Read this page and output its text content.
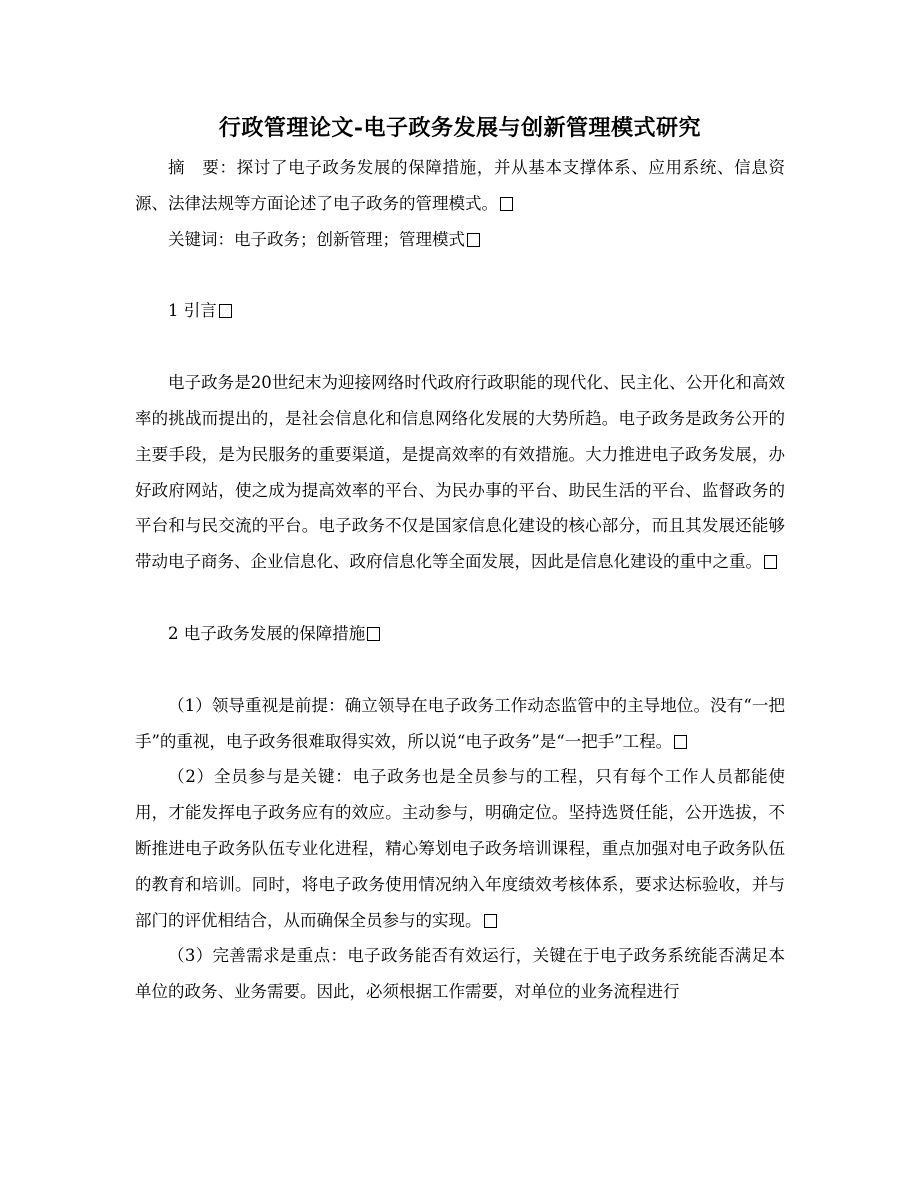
行政管理论文-电子政务发展与创新管理模式研究

摘　要：探讨了电子政务发展的保障措施，并从基本支撑体系、应用系统、信息资源、法律法规等方面论述了电子政务的管理模式。

关键词：电子政务；创新管理；管理模式

1 引言

电子政务是20世纪末为迎接网络时代政府行政职能的现代化、民主化、公开化和高效率的挑战而提出的，是社会信息化和信息网络化发展的大势所趋。电子政务是政务公开的主要手段，是为民服务的重要渠道，是提高效率的有效措施。大力推进电子政务发展，办好政府网站，使之成为提高效率的平台、为民办事的平台、助民生活的平台、监督政务的平台和与民交流的平台。电子政务不仅是国家信息化建设的核心部分，而且其发展还能够带动电子商务、企业信息化、政府信息化等全面发展，因此是信息化建设的重中之重。

2 电子政务发展的保障措施

（1）领导重视是前提：确立领导在电子政务工作动态监管中的主导地位。没有“一把手”的重视，电子政务很难取得实效，所以说“电子政务”是“一把手”工程。

（2）全员参与是关键：电子政务也是全员参与的工程，只有每个工作人员都能使用，才能发挥电子政务应有的效应。主动参与，明确定位。坚持选贤任能，公开选拔，不断推进电子政务队伍专业化进程，精心筹划电子政务培训课程，重点加强对电子政务队伍的教育和培训。同时，将电子政务使用情况纳入年度绩效考核体系，要求达标验收，并与部门的评优相结合，从而确保全员参与的实现。

（3）完善需求是重点：电子政务能否有效运行，关键在于电子政务系统能否满足本单位的政务、业务需要。因此，必须根据工作需要，对单位的业务流程进行
